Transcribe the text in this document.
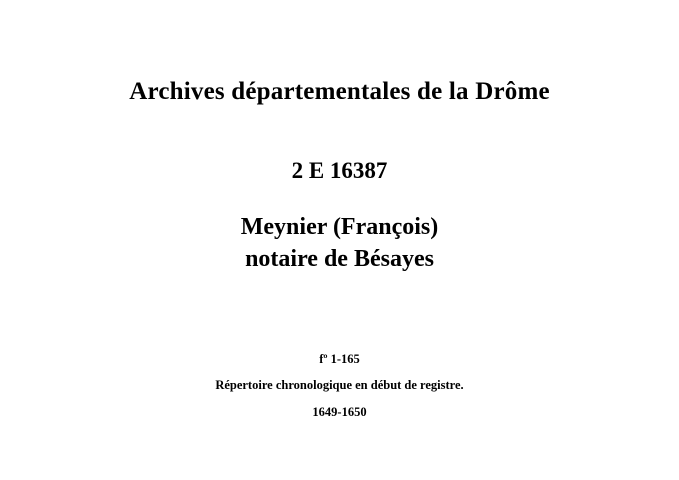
Archives départementales de la Drôme
2 E 16387
Meynier (François)
notaire de Bésayes
fº 1-165
Répertoire chronologique en début de registre.
1649-1650
